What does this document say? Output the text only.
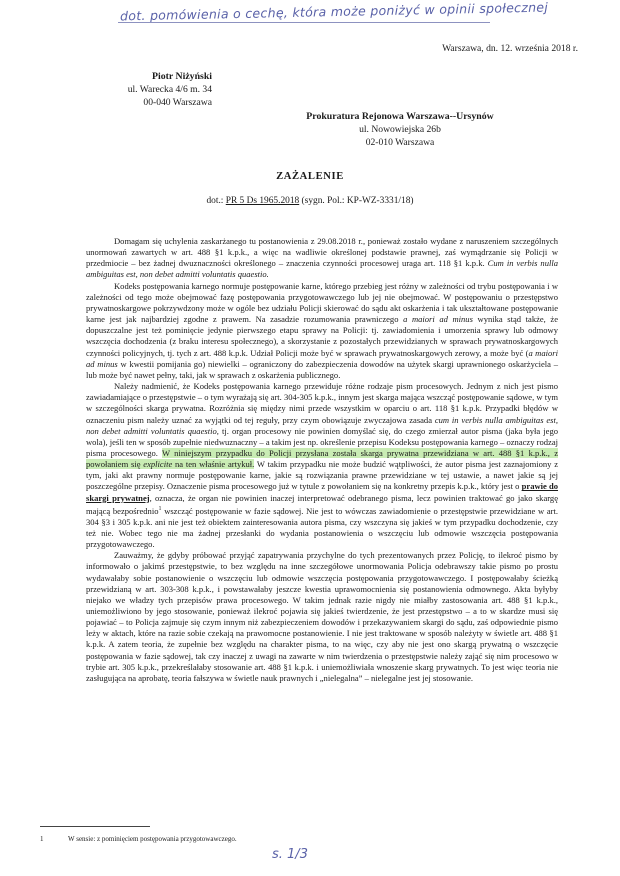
dot. pomówienia o cechę, która może poniżyć w opinii społecznej
Warszawa, dn. 12. września 2018 r.
Piotr Niżyński
ul. Warecka 4/6 m. 34
00-040 Warszawa
Prokuratura Rejonowa Warszawa--Ursynów
ul. Nowowiejska 26b
02-010 Warszawa
ZAŻALENIE
dot.: PR 5 Ds 1965.2018 (sygn. Pol.: KP-WZ-3331/18)

Domagam się uchylenia zaskarżanego tu postanowienia z 29.08.2018 r., ponieważ zostało wydane z naruszeniem szczególnych unormowań zawartych w art. 488 §1 k.p.k., a więc na wadliwie określonej podstawie prawnej, zaś wymądrzanie się Policji w przedmiocie – bez żadnej dwuznaczności określonego – znaczenia czynności procesowej uraga art. 118 §1 k.p.k. Cum in verbis nulla ambiguitas est, non debet admitti voluntatis quaestio.

Kodeks postępowania karnego normuje postępowanie karne, którego przebieg jest różny w zależności od trybu postępowania i w zależności od tego może obejmować fazę postępowania przygotowawczego lub jej nie obejmować. W postępowaniu o przestępstwo prywatnoskargowe pokrzywdzony może w ogóle bez udziału Policji skierować do sądu akt oskarżenia i tak ukształtowane postępowanie karne jest jak najbardziej zgodne z prawem. Na zasadzie rozumowania prawniczego a maiori ad minus wynika stąd także, że dopuszczalne jest też pominięcie jedynie pierwszego etapu sprawy na Policji: tj. zawiadomienia i umorzenia sprawy lub odmowy wszczęcia dochodzenia (z braku interesu społecznego), a skorzystanie z pozostałych przewidzianych w sprawach prywatnoskargowych czynności policyjnych, tj. tych z art. 488 k.p.k. Udział Policji może być w sprawach prywatnoskargowych zerowy, a może być (a maiori ad minus w kwestii pomijania go) niewielki – ograniczony do zabezpieczenia dowodów na użytek skargi uprawnionego oskarżyciela – lub może być nawet pełny, taki, jak w sprawach z oskarżenia publicznego.

Należy nadmienić, że Kodeks postępowania karnego przewiduje różne rodzaje pism procesowych. Jednym z nich jest pismo zawiadamiające o przestępstwie – o tym wyrażają się art. 304-305 k.p.k., innym jest skarga mająca wszcząć postępowanie sądowe, w tym w szczególności skarga prywatna. Rozróżnia się między nimi przede wszystkim w oparciu o art. 118 §1 k.p.k. Przypadki błędów w oznaczeniu pism należy uznać za wyjątki od tej reguły, przy czym obowiązuje zwyczajowa zasada cum in verbis nulla ambiguitas est, non debet admitti voluntatis quaestio, tj. organ procesowy nie powinien domyślać się, do czego zmierzał autor pisma (jaka była jego wola), jeśli ten w sposób zupełnie niedwuznaczny – a takim jest np. określenie przepisu Kodeksu postępowania karnego – oznaczy rodzaj pisma procesowego. W niniejszym przypadku do Policji przysłana została skarga prywatna przewidziana w art. 488 §1 k.p.k., z powołaniem się explicite na ten właśnie artykuł. W takim przypadku nie może budzić wątpliwości, że autor pisma jest zaznajomiony z tym, jaki akt prawny normuje postępowanie karne, jakie są rozwiązania prawne przewidziane w tej ustawie, a nawet jakie są jej poszczególne przepisy. Oznaczenie pisma procesowego już w tytule z powołaniem się na konkretny przepis k.p.k., który jest o prawie do skargi prywatnej, oznacza, że organ nie powinien inaczej interpretować odebranego pisma, lecz powinien traktować go jako skargę mającą bezpośrednio$^1$ wszcząć postępowanie w fazie sądowej. Nie jest to wówczas zawiadomienie o przestępstwie przewidziane w art. 304 §3 i 305 k.p.k. ani nie jest też obiektem zainteresowania autora pisma, czy wszczyna się jakieś w tym przypadku dochodzenie, czy też nie. Wobec tego nie ma żadnej przesłanki do wydania postanowienia o wszczęciu lub odmowie wszczęcia postępowania przygotowawczego.

Zauważmy, że gdyby próbować przyjąć zapatrywania przychylne do tych prezentowanych przez Policję, to ilekroć pismo by informowało o jakimś przestępstwie, to bez względu na inne szczegółowe unormowania Policja odebrawszy takie pismo po prostu wydawałaby sobie postanowienie o wszczęciu lub odmowie wszczęcia postępowania przygotowawczego. I postępowałaby ścieżką przewidzianą w art. 303-308 k.p.k., i powstawałaby jeszcze kwestia uprawomocnienia się postanowienia odmownego. Akta byłyby niejako we władzy tych przepisów prawa procesowego. W takim jednak razie nigdy nie miałby zastosowania art. 488 §1 k.p.k., uniemożliwiono by jego stosowanie, ponieważ ilekroć pojawia się jakieś twierdzenie, że jest przestępstwo – a to w skardze musi się pojawiać – to Policja zajmuje się czym innym niż zabezpieczeniem dowodów i przekazywaniem skargi do sądu, zaś odpowiednie pismo leży w aktach, które na razie sobie czekają na prawomocne postanowienie. I nie jest traktowane w sposób należyty w świetle art. 488 §1 k.p.k. A zatem teoria, że zupełnie bez względu na charakter pisma, to na więc, czy aby nie jest ono skargą prywatną o wszczęcie postępowania w fazie sądowej, tak czy inaczej z uwagi na zawarte w nim twierdzenia o przestępstwie należy zająć się nim procesowo w trybie art. 305 k.p.k., przekreślałaby stosowanie art. 488 §1 k.p.k. i uniemożliwiała wnoszenie skarg prywatnych. To jest więc teoria nie zasługująca na aprobatę, teoria fałszywa w świetle nauk prawnych i „nielegalna” – nielegalne jest jej stosowanie.

1	W sensie: z pominięciem postępowania przygotowawczego.
s. 1/3
